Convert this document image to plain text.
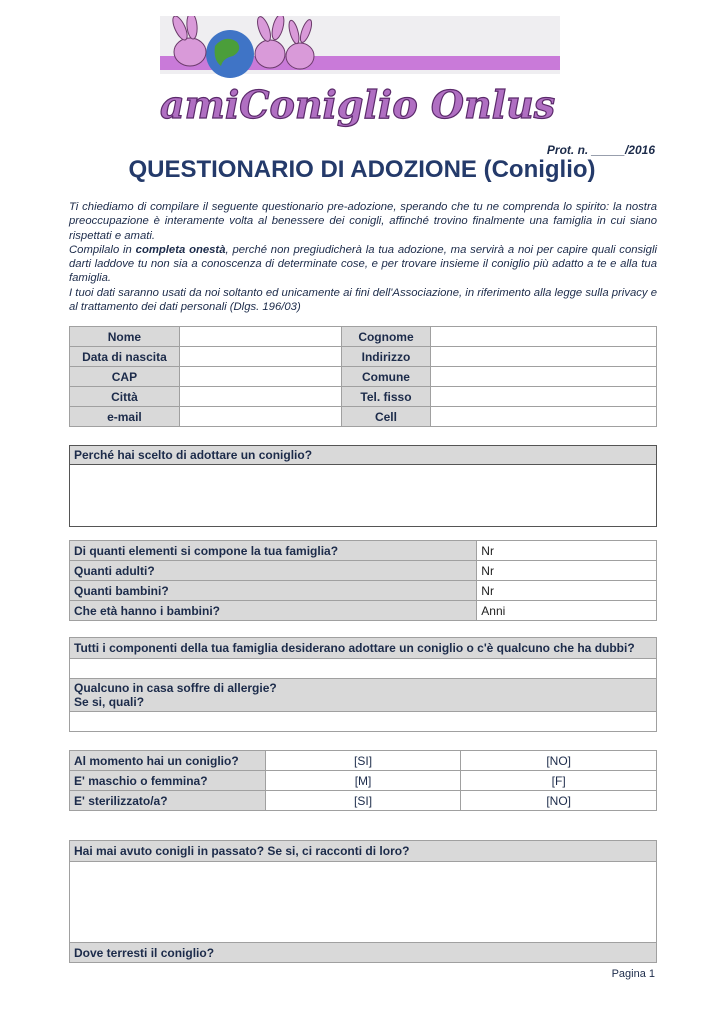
amiConiglio Onlus
Prot. n. _____/2016
QUESTIONARIO DI ADOZIONE (Coniglio)

Ti chiediamo di compilare il seguente questionario pre-adozione, sperando che tu ne comprenda lo spirito: la nostra preoccupazione è interamente volta al benessere dei conigli, affinché trovino finalmente una famiglia in cui siano rispettati e amati.

Compilalo in completa onestà, perché non pregiudicherà la tua adozione, ma servirà a noi per capire quali consigli darti laddove tu non sia a conoscenza di determinate cose, e per trovare insieme il coniglio più adatto a te e alla tua famiglia.

I tuoi dati saranno usati da noi soltanto ed unicamente ai fini dell'Associazione, in riferimento alla legge sulla privacy e al trattamento dei dati personali (Dlgs. 196/03)

Nome		Cognome	
Data di nascita		Indirizzo	
CAP		Comune	
Città		Tel. fisso	
e-mail		Cell	
Perché hai scelto di adottare un coniglio?
Di quanti elementi si compone la tua famiglia?	Nr
Quanti adulti?	Nr
Quanti bambini?	Nr
Che età hanno i bambini?	Anni
Tutti i componenti della tua famiglia desiderano adottare un coniglio o c'è qualcuno che ha dubbi?

Qualcuno in casa soffre di allergie?
Se si, quali?

Al momento hai un coniglio?	[SI]	[NO]
E' maschio o femmina?	[M]	[F]
E' sterilizzato/a?	[SI]	[NO]
Hai mai avuto conigli in passato? Se si, ci racconti di loro?

Dove terresti il coniglio?
Pagina 1
